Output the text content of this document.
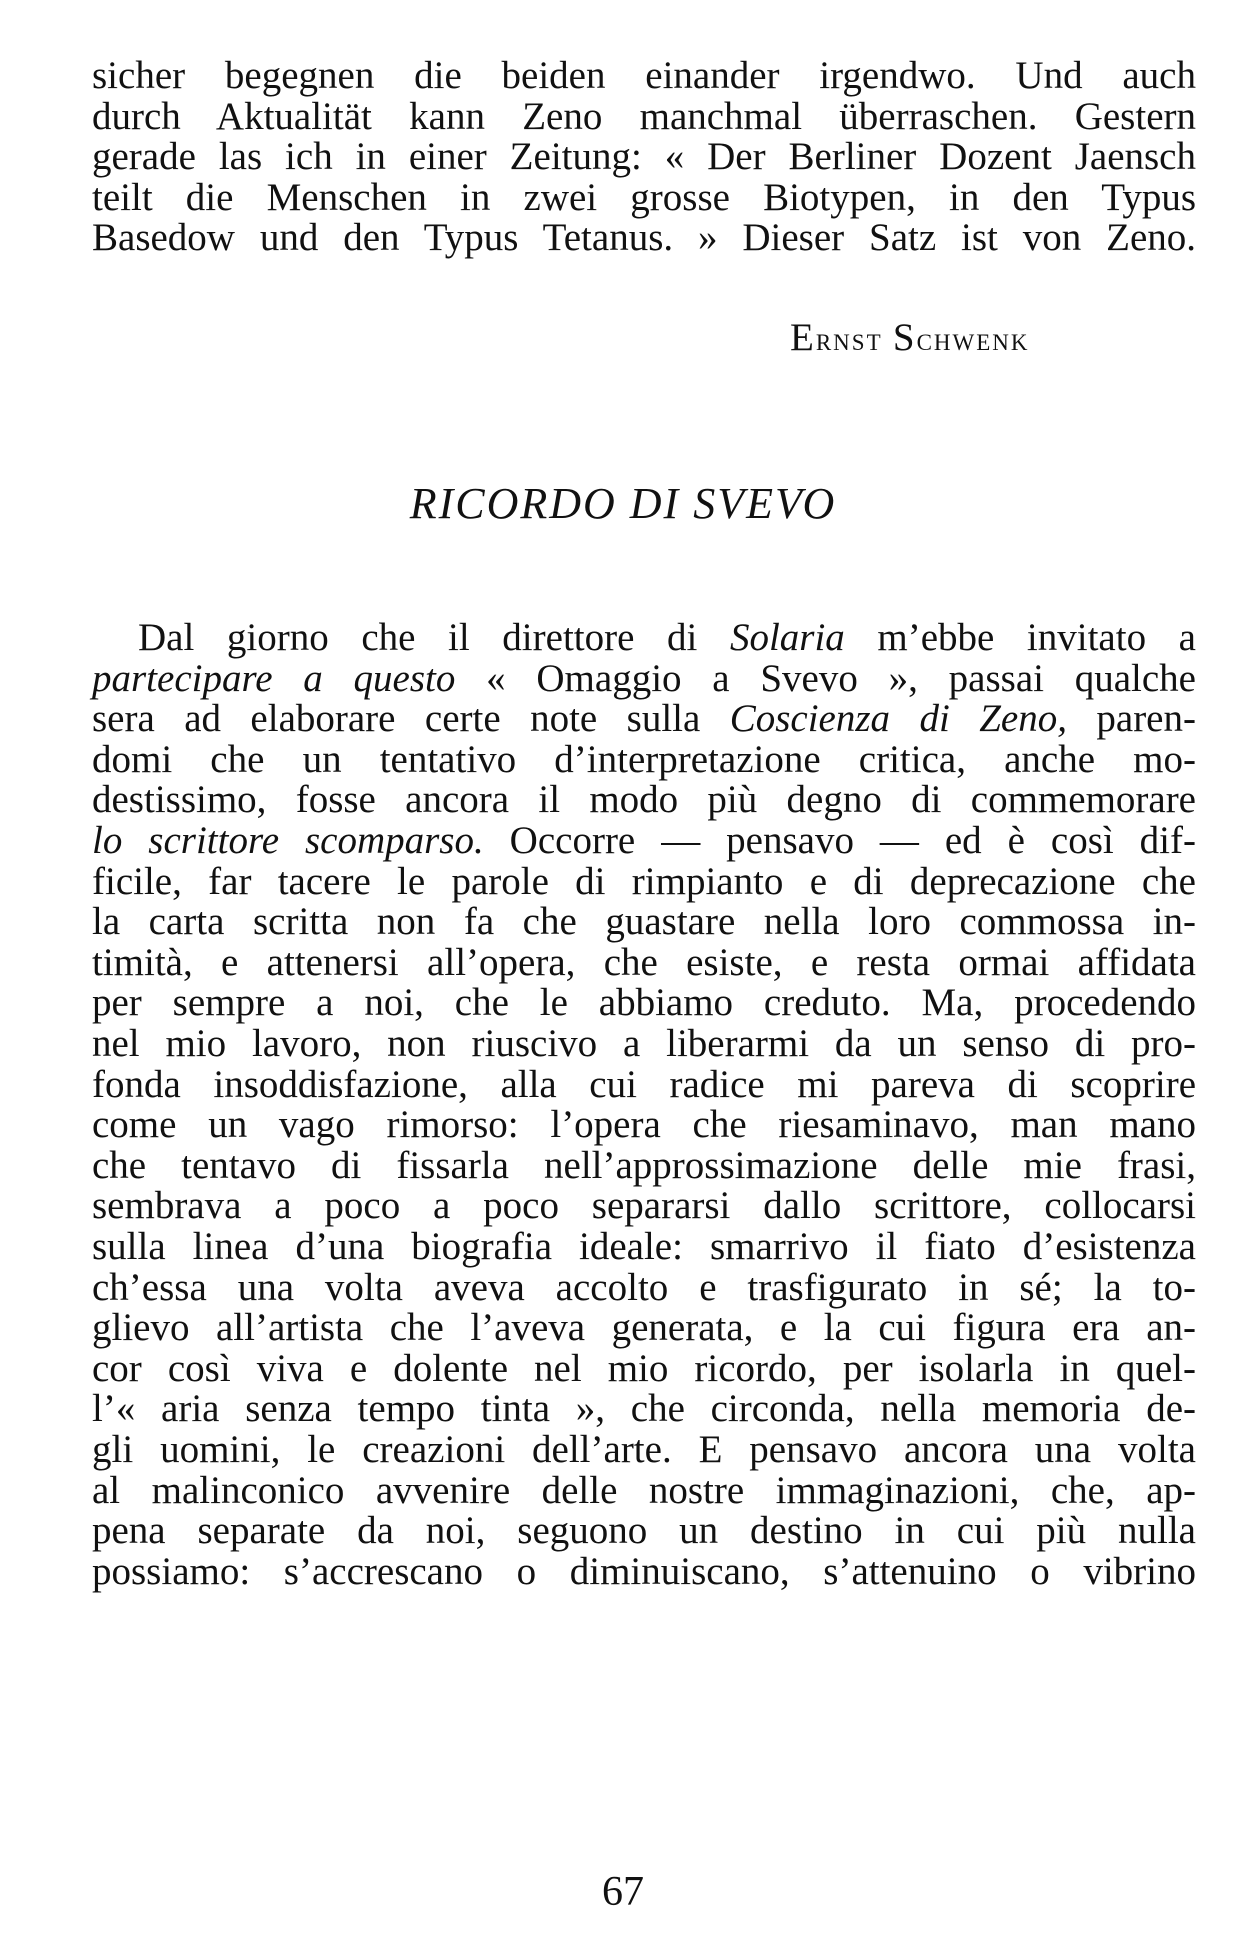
sicher begegnen die beiden einander irgendwo. Und auch
durch Aktualität kann Zeno manchmal überraschen. Gestern
gerade las ich in einer Zeitung: « Der Berliner Dozent Jaensch
teilt die Menschen in zwei grosse Biotypen, in den Typus
Basedow und den Typus Tetanus. » Dieser Satz ist von Zeno.
Ernst Schwenk
RICORDO DI SVEVO
Dal giorno che il direttore di Solaria m’ebbe invitato a
partecipare a questo « Omaggio a Svevo », passai qualche
sera ad elaborare certe note sulla Coscienza di Zeno, paren-
domi che un tentativo d’interpretazione critica, anche mo-
destissimo, fosse ancora il modo più degno di commemorare
lo scrittore scomparso. Occorre — pensavo — ed è così dif-
ficile, far tacere le parole di rimpianto e di deprecazione che
la carta scritta non fa che guastare nella loro commossa in-
timità, e attenersi all’opera, che esiste, e resta ormai affidata
per sempre a noi, che le abbiamo creduto. Ma, procedendo
nel mio lavoro, non riuscivo a liberarmi da un senso di pro-
fonda insoddisfazione, alla cui radice mi pareva di scoprire
come un vago rimorso: l’opera che riesaminavo, man mano
che tentavo di fissarla nell’approssimazione delle mie frasi,
sembrava a poco a poco separarsi dallo scrittore, collocarsi
sulla linea d’una biografia ideale: smarrivo il fiato d’esistenza
ch’essa una volta aveva accolto e trasfigurato in sé; la to-
glievo all’artista che l’aveva generata, e la cui figura era an-
cor così viva e dolente nel mio ricordo, per isolarla in quel-
l’« aria senza tempo tinta », che circonda, nella memoria de-
gli uomini, le creazioni dell’arte. E pensavo ancora una volta
al malinconico avvenire delle nostre immaginazioni, che, ap-
pena separate da noi, seguono un destino in cui più nulla
possiamo: s’accrescano o diminuiscano, s’attenuino o vibrino
67
